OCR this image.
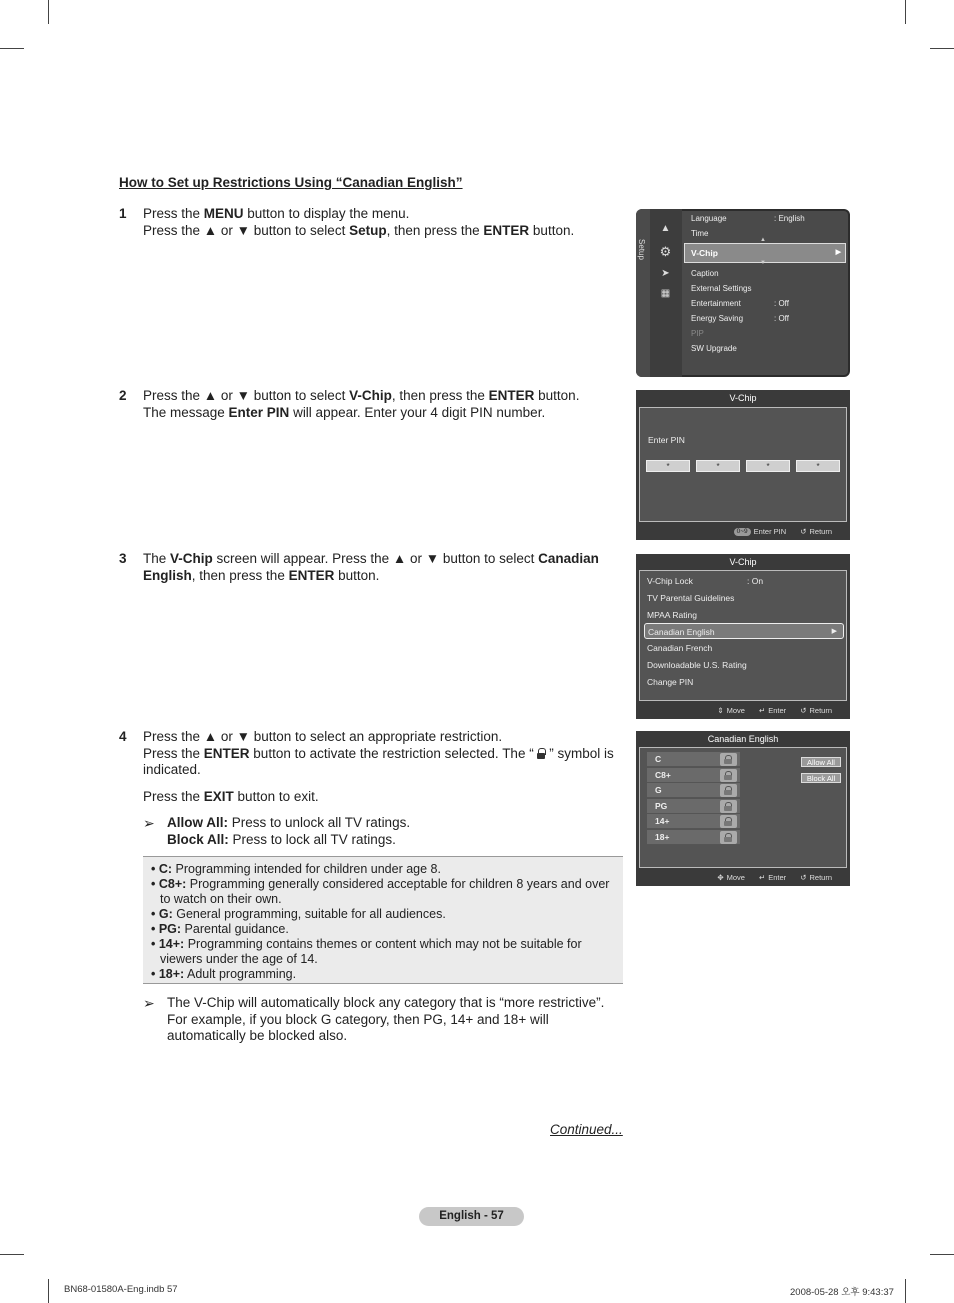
How to Set up Restrictions Using “Canadian English”
1 Press the MENU button to display the menu.

Press the ▲ or ▼ button to select Setup, then press the ENTER button.

2 Press the ▲ or ▼ button to select V-Chip, then press the ENTER button.

The message Enter PIN will appear. Enter your 4 digit PIN number.

3 The V-Chip screen will appear. Press the ▲ or ▼ button to select Canadian English, then press the ENTER button.

4 Press the ▲ or ▼ button to select an appropriate restriction.

Press the ENTER button to activate the restriction selected. The “  ” symbol is indicated.

Press the EXIT button to exit.

➢ Allow All: Press to unlock all TV ratings.

Block All: Press to lock all TV ratings.

• C: Programming intended for children under age 8.
• C8+: Programming generally considered acceptable for children 8 years and over to watch on their own.
• G: General programming, suitable for all audiences.
• PG: Parental guidance.
• 14+: Programming contains themes or content which may not be suitable for viewers under the age of 14.
• 18+: Adult programming.
➢ The V-Chip will automatically block any category that is “more restrictive”. For example, if you block G category, then PG, 14+ and 18+ will automatically be blocked also.
Continued...
English - 57
BN68-01580A-Eng.indb 57	2008-05-28 오후 9:43:37
Setup
▲
⚙
➤
▦
Language	: English
Time
V-Chip	▶
▲
▼
Caption
External Settings
Entertainment	: Off
Energy Saving	: Off
PIP
SW Upgrade
V-Chip
Enter PIN
*	*	*	*
0~9 Enter PIN ↺ Return
V-Chip
V-Chip Lock	: On
TV Parental Guidelines
MPAA Rating
Canadian English	▶
Canadian French
Downloadable U.S. Rating
Change PIN
⇕ Move ↵ Enter ↺ Return
Canadian English
Allow All
Block All
C
C8+
G
PG
14+
18+
✥ Move ↵ Enter ↺ Return
